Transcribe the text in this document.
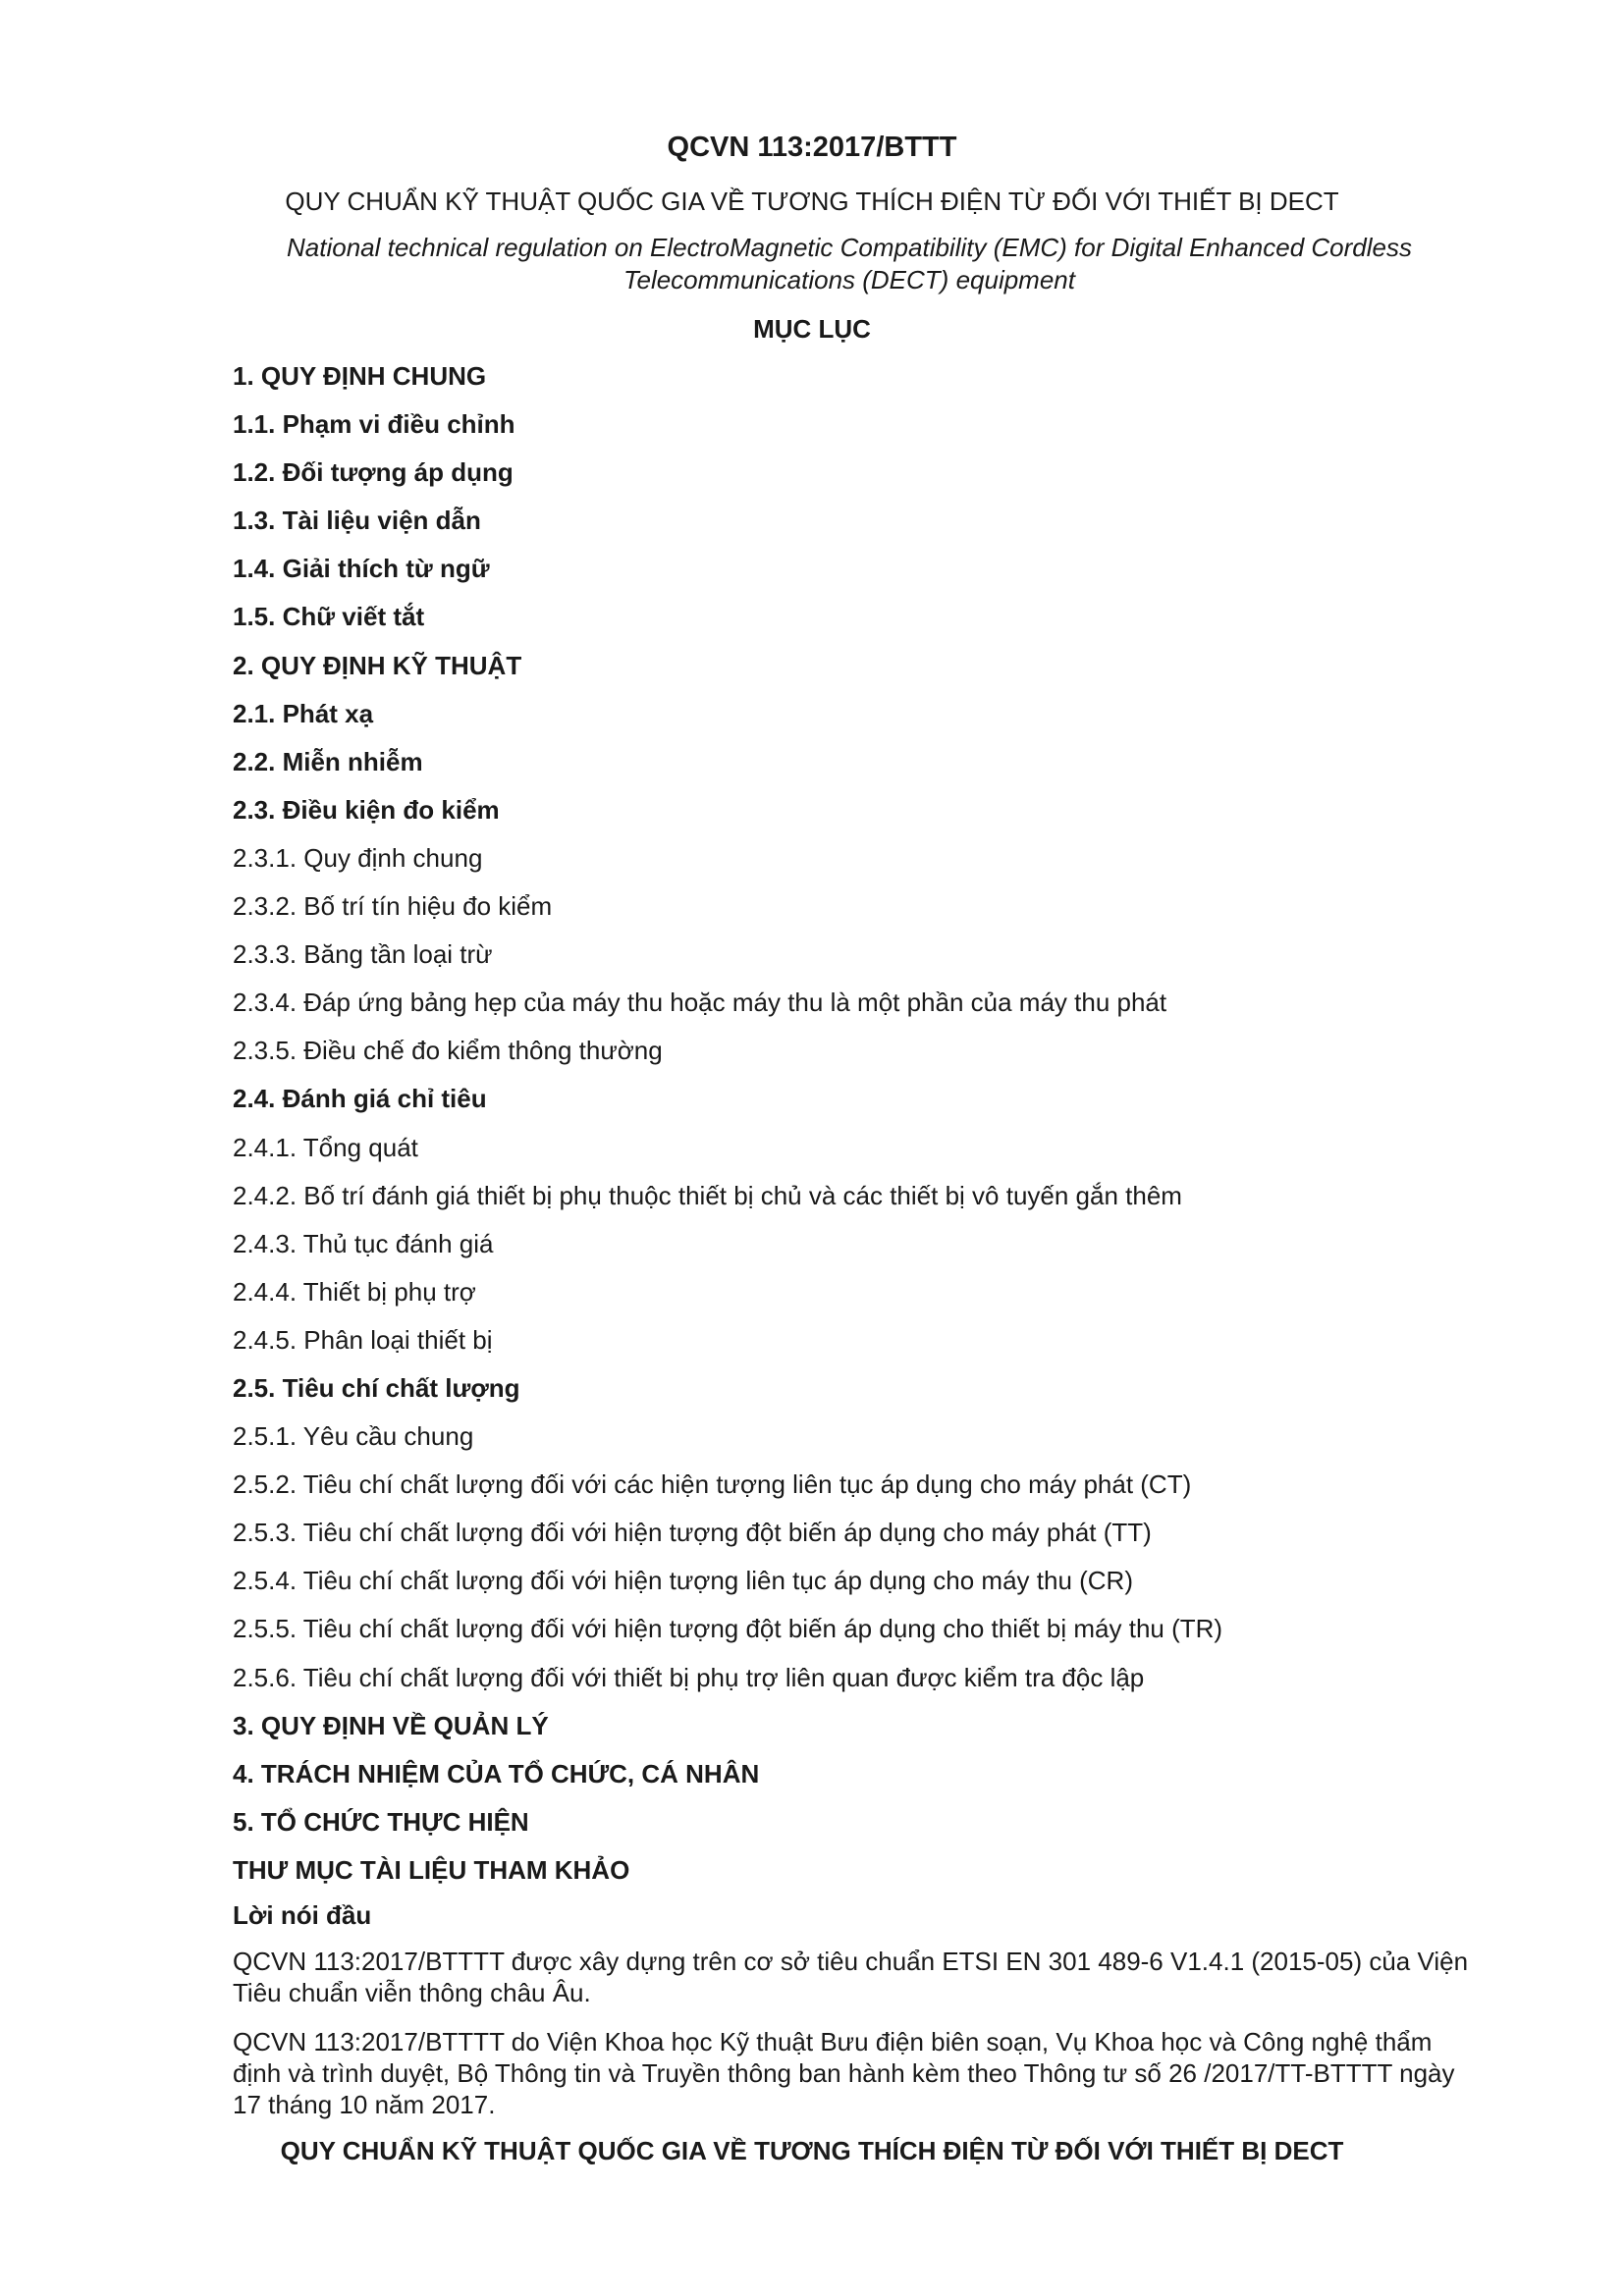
QCVN 113:2017/BTTT
QUY CHUẨN KỸ THUẬT QUỐC GIA VỀ TƯƠNG THÍCH ĐIỆN TỪ ĐỐI VỚI THIẾT BỊ DECT
National technical regulation on ElectroMagnetic Compatibility (EMC) for Digital Enhanced Cordless Telecommunications (DECT) equipment
MỤC LỤC
1. QUY ĐỊNH CHUNG
1.1. Phạm vi điều chỉnh
1.2. Đối tượng áp dụng
1.3. Tài liệu viện dẫn
1.4. Giải thích từ ngữ
1.5. Chữ viết tắt
2. QUY ĐỊNH KỸ THUẬT
2.1. Phát xạ
2.2. Miễn nhiễm
2.3. Điều kiện đo kiểm
2.3.1. Quy định chung
2.3.2. Bố trí tín hiệu đo kiểm
2.3.3. Băng tần loại trừ
2.3.4. Đáp ứng bảng hẹp của máy thu hoặc máy thu là một phần của máy thu phát
2.3.5. Điều chế đo kiểm thông thường
2.4. Đánh giá chỉ tiêu
2.4.1. Tổng quát
2.4.2. Bố trí đánh giá thiết bị phụ thuộc thiết bị chủ và các thiết bị vô tuyến gắn thêm
2.4.3. Thủ tục đánh giá
2.4.4. Thiết bị phụ trợ
2.4.5. Phân loại thiết bị
2.5. Tiêu chí chất lượng
2.5.1. Yêu cầu chung
2.5.2. Tiêu chí chất lượng đối với các hiện tượng liên tục áp dụng cho máy phát (CT)
2.5.3. Tiêu chí chất lượng đối với hiện tượng đột biến áp dụng cho máy phát (TT)
2.5.4. Tiêu chí chất lượng đối với hiện tượng liên tục áp dụng cho máy thu (CR)
2.5.5. Tiêu chí chất lượng đối với hiện tượng đột biến áp dụng cho thiết bị máy thu (TR)
2.5.6. Tiêu chí chất lượng đối với thiết bị phụ trợ liên quan được kiểm tra độc lập
3. QUY ĐỊNH VỀ QUẢN LÝ
4. TRÁCH NHIỆM CỦA TỔ CHỨC, CÁ NHÂN
5. TỔ CHỨC THỰC HIỆN
THƯ MỤC TÀI LIỆU THAM KHẢO
Lời nói đầu

QCVN 113:2017/BTTTT được xây dựng trên cơ sở tiêu chuẩn ETSI EN 301 489-6 V1.4.1 (2015-05) của Viện Tiêu chuẩn viễn thông châu Âu.

QCVN 113:2017/BTTTT do Viện Khoa học Kỹ thuật Bưu điện biên soạn, Vụ Khoa học và Công nghệ thẩm định và trình duyệt, Bộ Thông tin và Truyền thông ban hành kèm theo Thông tư số 26 /2017/TT-BTTTT ngày 17 tháng 10 năm 2017.

QUY CHUẨN KỸ THUẬT QUỐC GIA VỀ TƯƠNG THÍCH ĐIỆN TỪ ĐỐI VỚI THIẾT BỊ DECT
